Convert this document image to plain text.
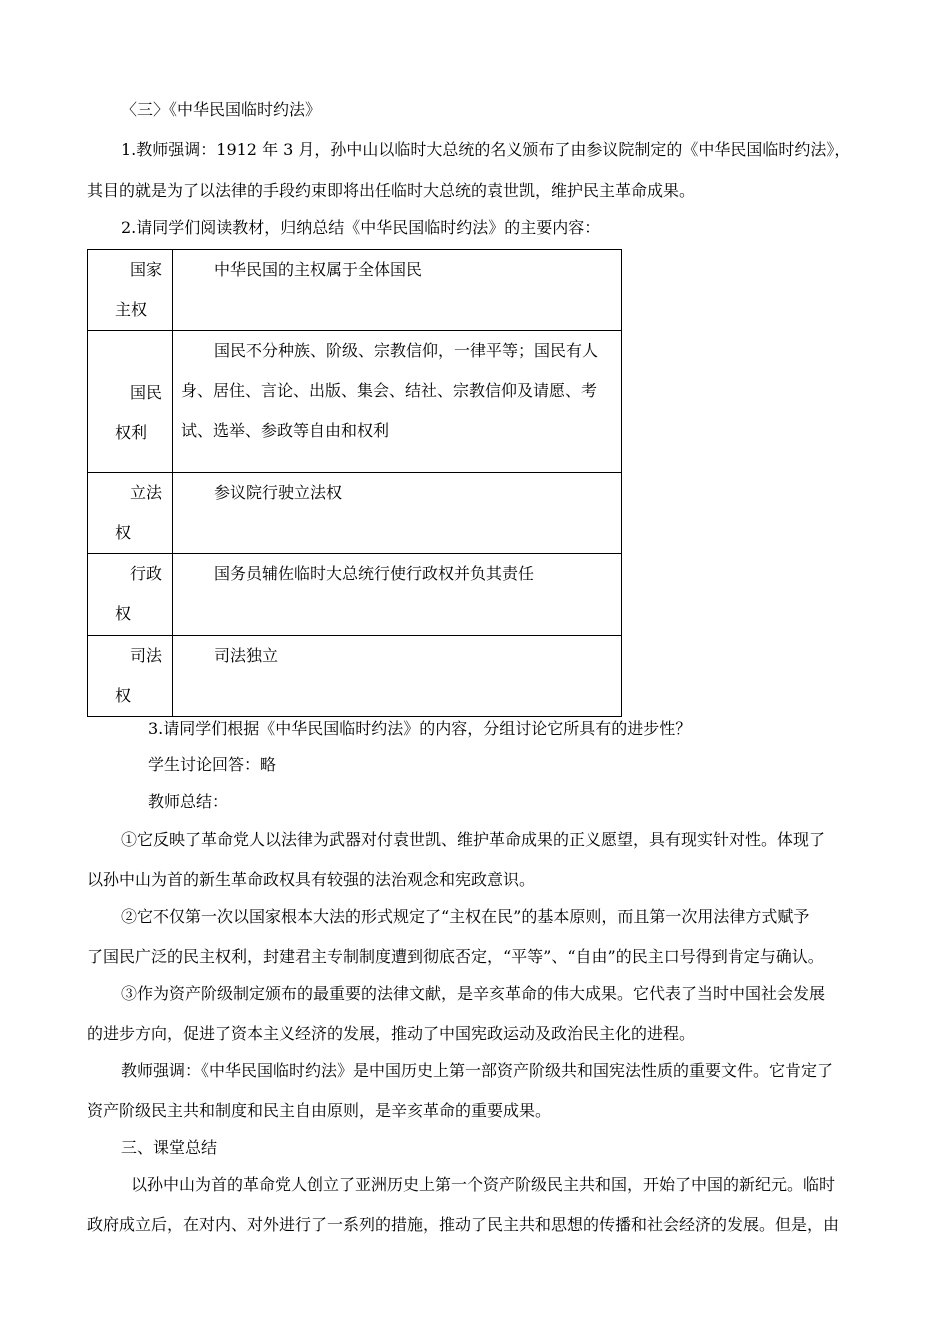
〈三〉《中华民国临时约法》
1.教师强调：1912 年 3 月，孙中山以临时大总统的名义颁布了由参议院制定的《中华民国临时约法》，
其目的就是为了以法律的手段约束即将出任临时大总统的袁世凯，维护民主革命成果。
2.请同学们阅读教材，归纳总结《中华民国临时约法》的主要内容：
国家
主权	中华民国的主权属于全体国民

国民
权利	国民不分种族、阶级、宗教信仰，一律平等；国民有人身、居住、言论、出版、集会、结社、宗教信仰及请愿、考试、选举、参政等自由和权利

立法
权	参议院行驶立法权

行政
权	国务员辅佐临时大总统行使行政权并负其责任

司法
权	司法独立
3.请同学们根据《中华民国临时约法》的内容，分组讨论它所具有的进步性？
学生讨论回答：略
教师总结：
①它反映了革命党人以法律为武器对付袁世凯、维护革命成果的正义愿望，具有现实针对性。体现了
以孙中山为首的新生革命政权具有较强的法治观念和宪政意识。
②它不仅第一次以国家根本大法的形式规定了“主权在民”的基本原则，而且第一次用法律方式赋予
了国民广泛的民主权利，封建君主专制制度遭到彻底否定，“平等”、“自由”的民主口号得到肯定与确认。
③作为资产阶级制定颁布的最重要的法律文献，是辛亥革命的伟大成果。它代表了当时中国社会发展
的进步方向，促进了资本主义经济的发展，推动了中国宪政运动及政治民主化的进程。
教师强调：《中华民国临时约法》是中国历史上第一部资产阶级共和国宪法性质的重要文件。它肯定了
资产阶级民主共和制度和民主自由原则，是辛亥革命的重要成果。
三、课堂总结
以孙中山为首的革命党人创立了亚洲历史上第一个资产阶级民主共和国，开始了中国的新纪元。临时
政府成立后，在对内、对外进行了一系列的措施，推动了民主共和思想的传播和社会经济的发展。但是，由
